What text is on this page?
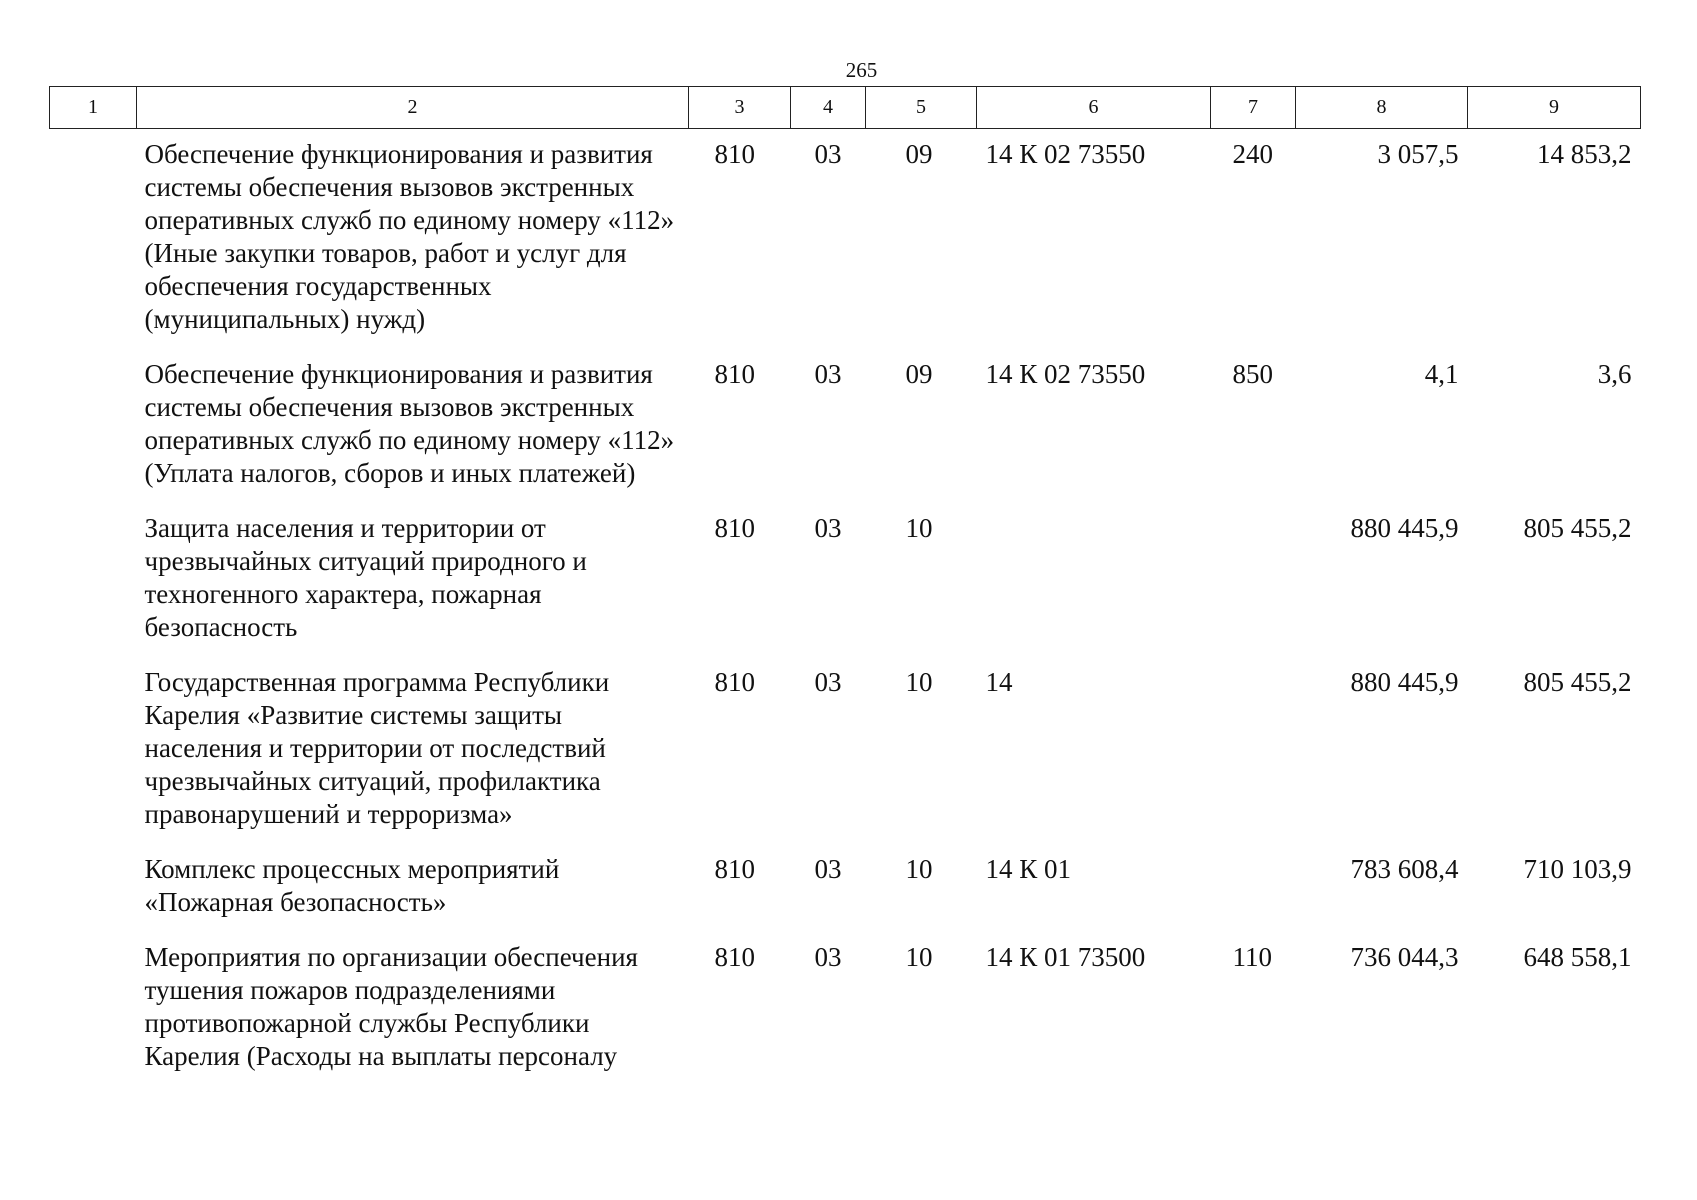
265
1	2	3	4	5	6	7	8	9
	Обеспечение функционирования и развития системы обеспечения вызовов экстренных оперативных служб по единому номеру «112» (Иные закупки товаров, работ и услуг для обеспечения государственных (муниципальных) нужд)	810	03	09	14 К 02 73550	240	3 057,5	14 853,2
	Обеспечение функционирования и развития системы обеспечения вызовов экстренных оперативных служб по единому номеру «112» (Уплата налогов, сборов и иных платежей)	810	03	09	14 К 02 73550	850	4,1	3,6
	Защита населения и территории от чрезвычайных ситуаций природного и техногенного характера, пожарная безопасность	810	03	10			880 445,9	805 455,2
	Государственная программа Республики Карелия «Развитие системы защиты населения и территории от последствий чрезвычайных ситуаций, профилактика правонарушений и терроризма»	810	03	10	14		880 445,9	805 455,2
	Комплекс процессных мероприятий «Пожарная безопасность»	810	03	10	14 К 01		783 608,4	710 103,9
	Мероприятия по организации обеспечения тушения пожаров подразделениями противопожарной службы Республики Карелия (Расходы на выплаты персоналу	810	03	10	14 К 01 73500	110	736 044,3	648 558,1
